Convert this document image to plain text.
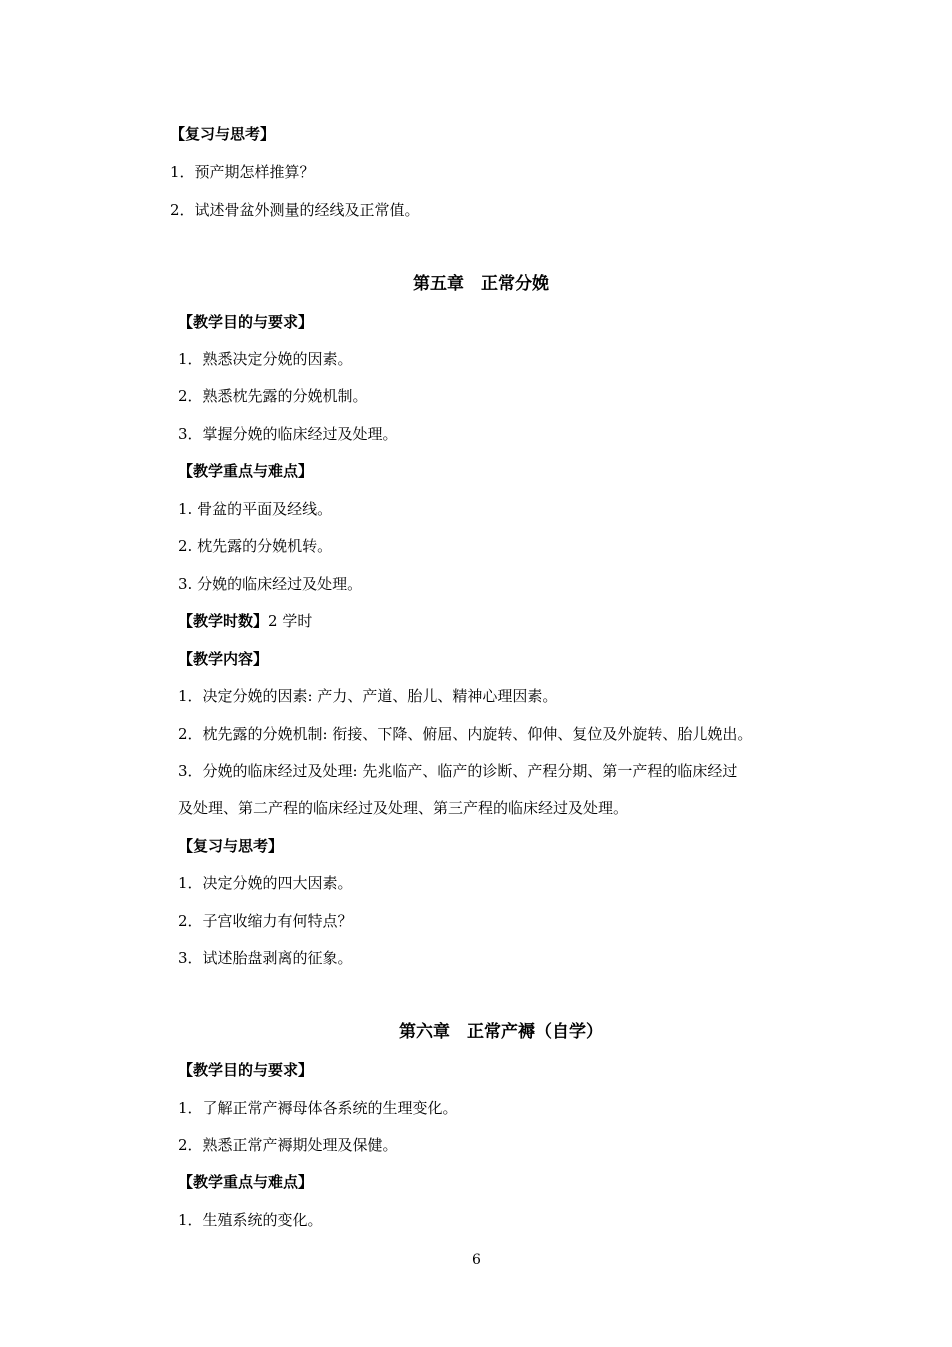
【复习与思考】
1．预产期怎样推算？
2．试述骨盆外测量的经线及正常值。
第五章　正常分娩
【教学目的与要求】
1．熟悉决定分娩的因素。
2．熟悉枕先露的分娩机制。
3．掌握分娩的临床经过及处理。
【教学重点与难点】
1. 骨盆的平面及经线。
2. 枕先露的分娩机转。
3. 分娩的临床经过及处理。
【教学时数】2 学时
【教学内容】
1．决定分娩的因素: 产力、产道、胎儿、精神心理因素。
2．枕先露的分娩机制: 衔接、下降、俯屈、内旋转、仰伸、复位及外旋转、胎儿娩出。
3．分娩的临床经过及处理: 先兆临产、临产的诊断、产程分期、第一产程的临床经过
及处理、第二产程的临床经过及处理、第三产程的临床经过及处理。
【复习与思考】
1．决定分娩的四大因素。
2．子宫收缩力有何特点？
3．试述胎盘剥离的征象。
第六章　正常产褥（自学）
【教学目的与要求】
1．了解正常产褥母体各系统的生理变化。
2．熟悉正常产褥期处理及保健。
【教学重点与难点】
1．生殖系统的变化。
6
